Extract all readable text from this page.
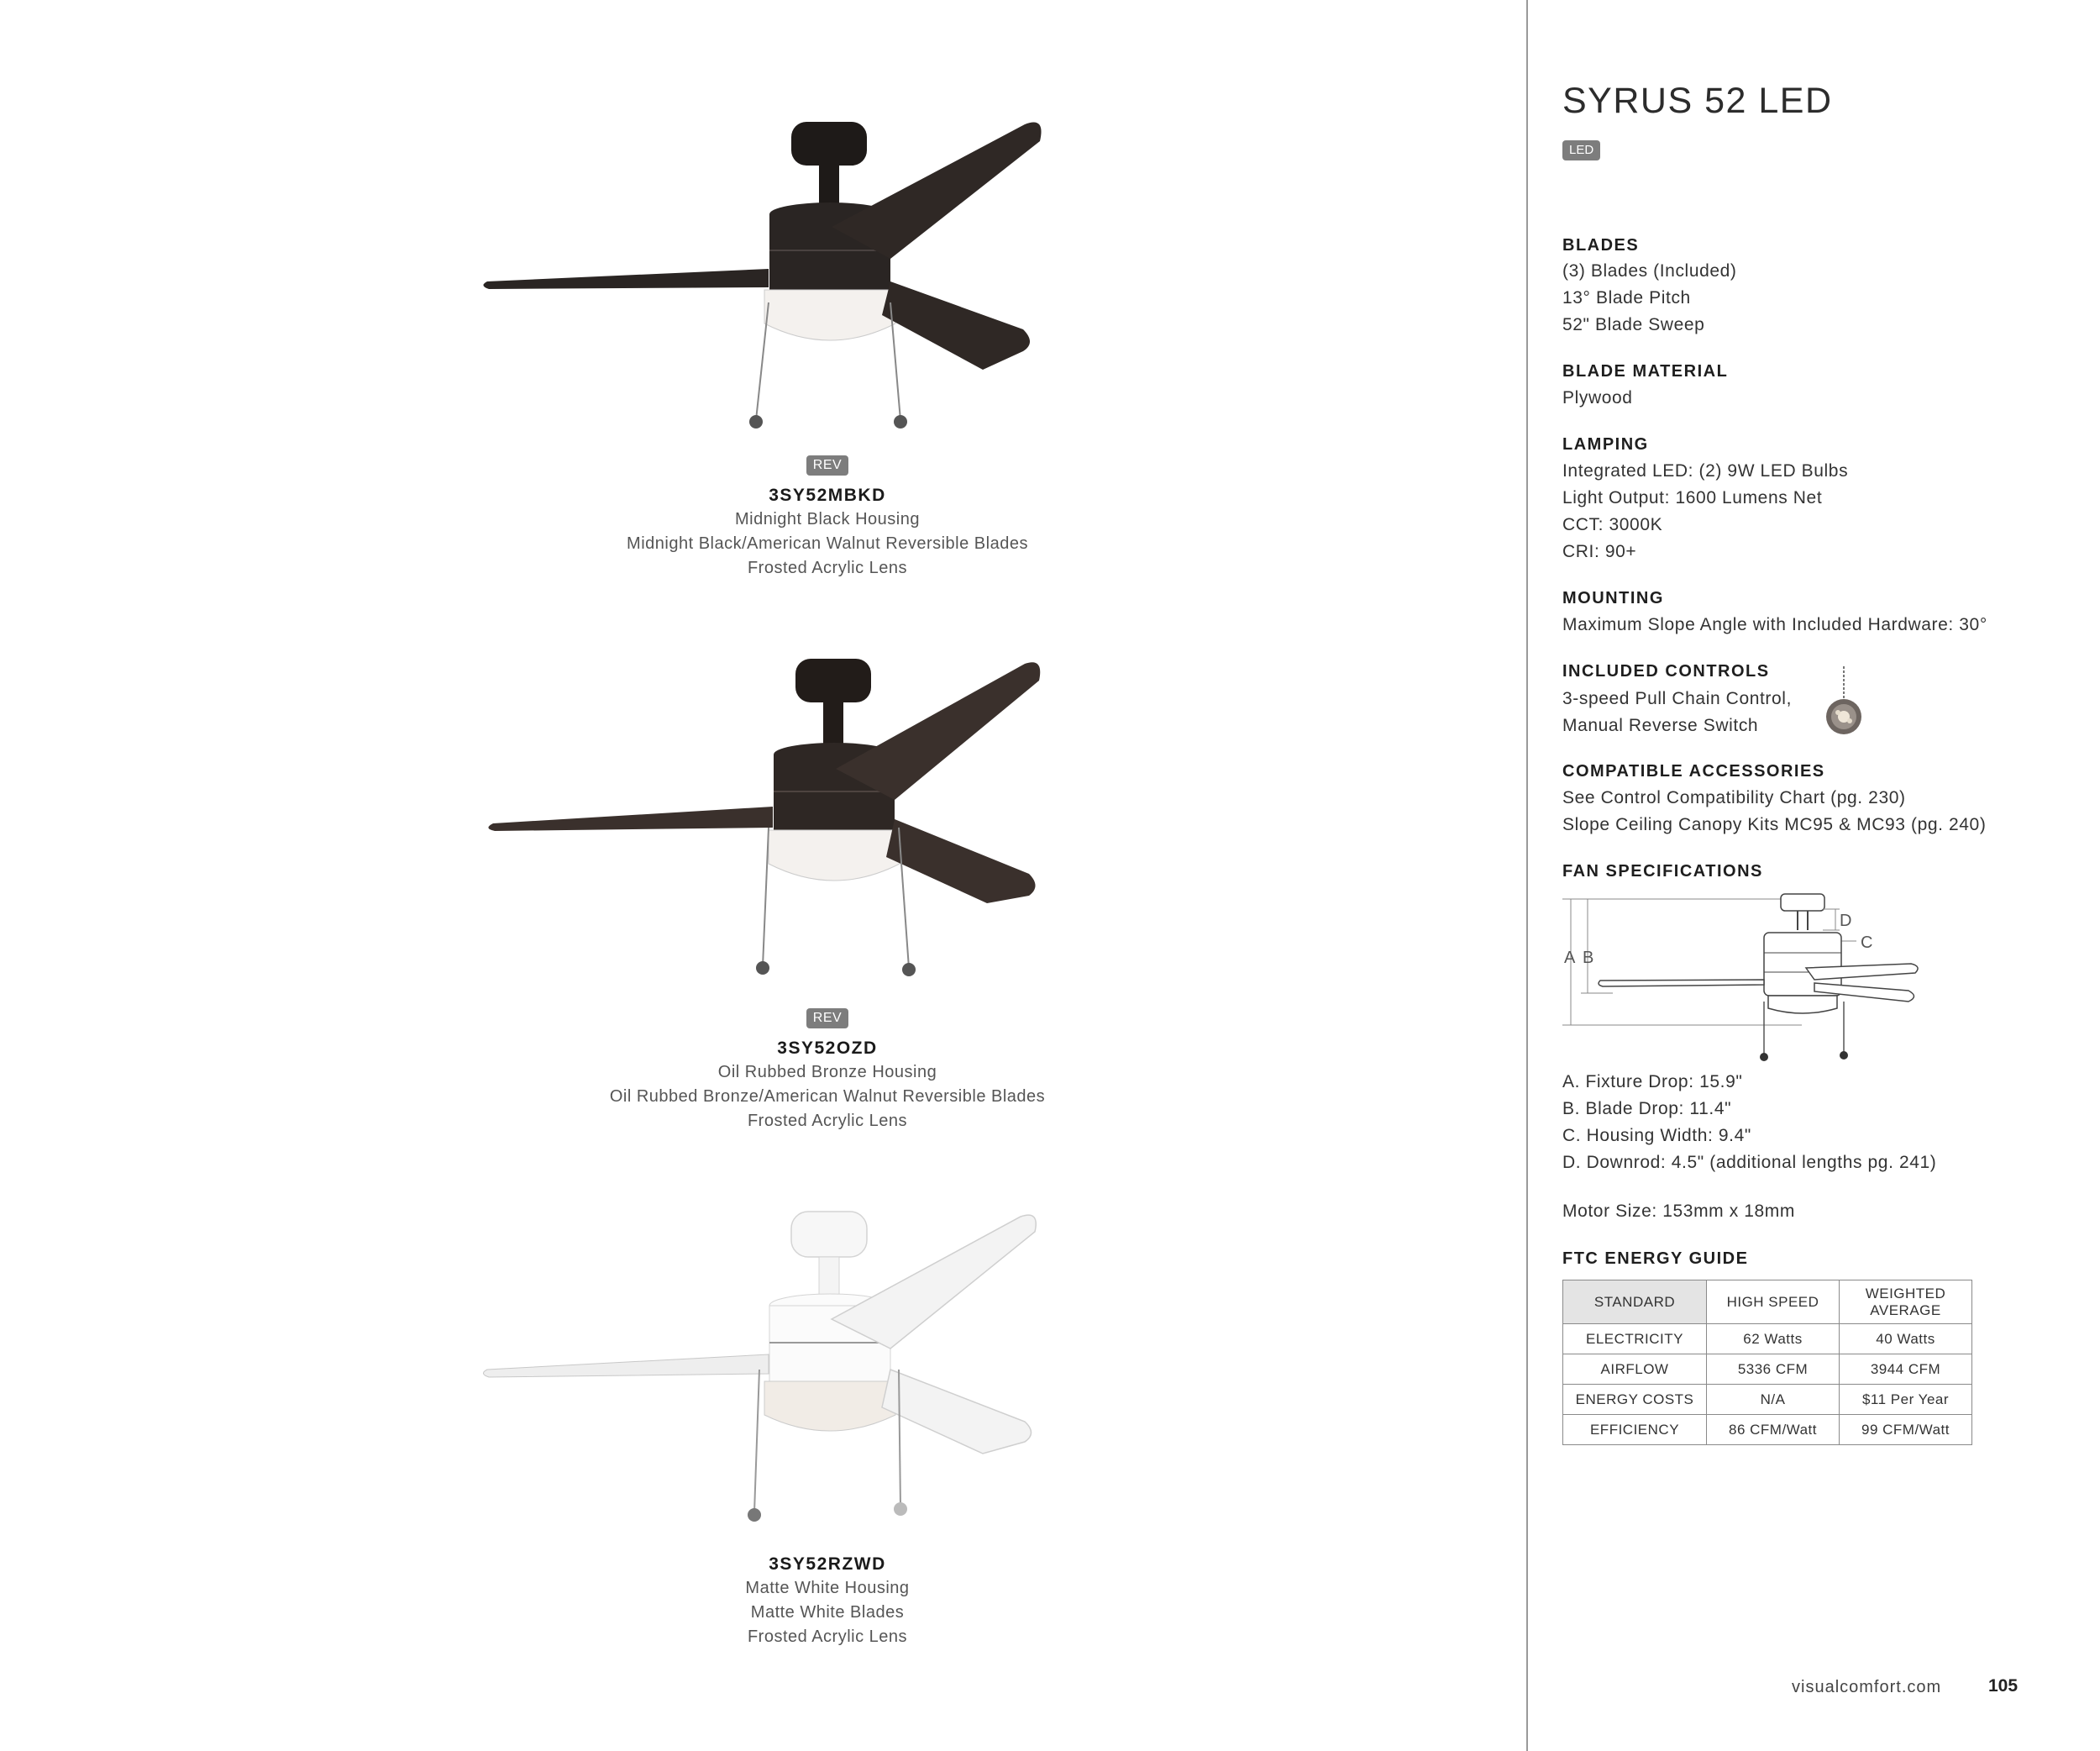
REV
3SY52MBKD
Midnight Black Housing
Midnight Black/American Walnut Reversible Blades
Frosted Acrylic Lens
REV
3SY52OZD
Oil Rubbed Bronze Housing
Oil Rubbed Bronze/American Walnut Reversible Blades
Frosted Acrylic Lens
3SY52RZWD
Matte White Housing
Matte White Blades
Frosted Acrylic Lens
SYRUS 52 LED
LED
BLADES
(3) Blades (Included)
13° Blade Pitch
52" Blade Sweep
BLADE MATERIAL
Plywood
LAMPING
Integrated LED: (2) 9W LED Bulbs
Light Output: 1600 Lumens Net
CCT: 3000K
CRI: 90+
MOUNTING
Maximum Slope Angle with Included Hardware: 30°
INCLUDED CONTROLS
3-speed Pull Chain Control,
Manual Reverse Switch
COMPATIBLE ACCESSORIES
See Control Compatibility Chart (pg. 230)
Slope Ceiling Canopy Kits MC95 & MC93 (pg. 240)
FAN SPECIFICATIONS
A B
D
C
A. Fixture Drop: 15.9"
B. Blade Drop: 11.4"
C. Housing Width: 9.4"
D. Downrod: 4.5" (additional lengths pg. 241)
Motor Size: 153mm x 18mm
FTC ENERGY GUIDE
STANDARD	HIGH SPEED	WEIGHTED
AVERAGE
ELECTRICITY	62 Watts	40 Watts
AIRFLOW	5336 CFM	3944 CFM
ENERGY COSTS	N/A	$11 Per Year
EFFICIENCY	86 CFM/Watt	99 CFM/Watt
visualcomfort.com	105
